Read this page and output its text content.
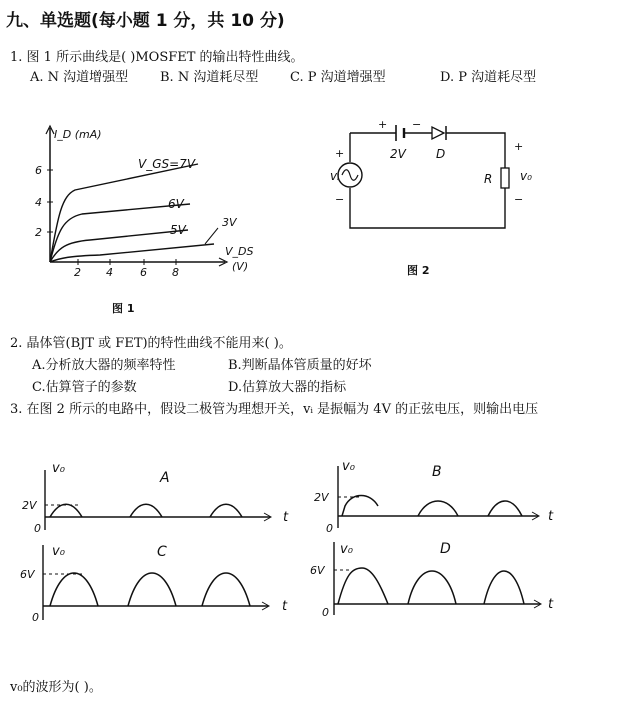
九、单选题(每小题 1 分，共 10 分)
1. 图 1 所示曲线是( )MOSFET 的输出特性曲线。
A. N 沟道增强型 B. N 沟道耗尽型 C. P 沟道增强型	D. P 沟道耗尽型
I_D (mA)
6
4
2
2 4 6 8
V_GS=7V
6V
5V
3V
V_DS
(V)
+ −
2V	D
vᵢ
+
−
R
+
v₀
−
图 1
图 2
2. 晶体管(BJT 或 FET)的特性曲线不能用来( )。
A.分析放大器的频率特性	B.判断晶体管质量的好坏
C.估算管子的参数	D.估算放大器的指标
3. 在图 2 所示的电路中，假设二极管为理想开关，vᵢ 是振幅为 4V 的正弦电压，则输出电压
v₀
A
2V
0
t
v₀	B
2V
0
t
v₀	C
6V
0
t
v₀	D
6V
0
t
v₀的波形为( )。
